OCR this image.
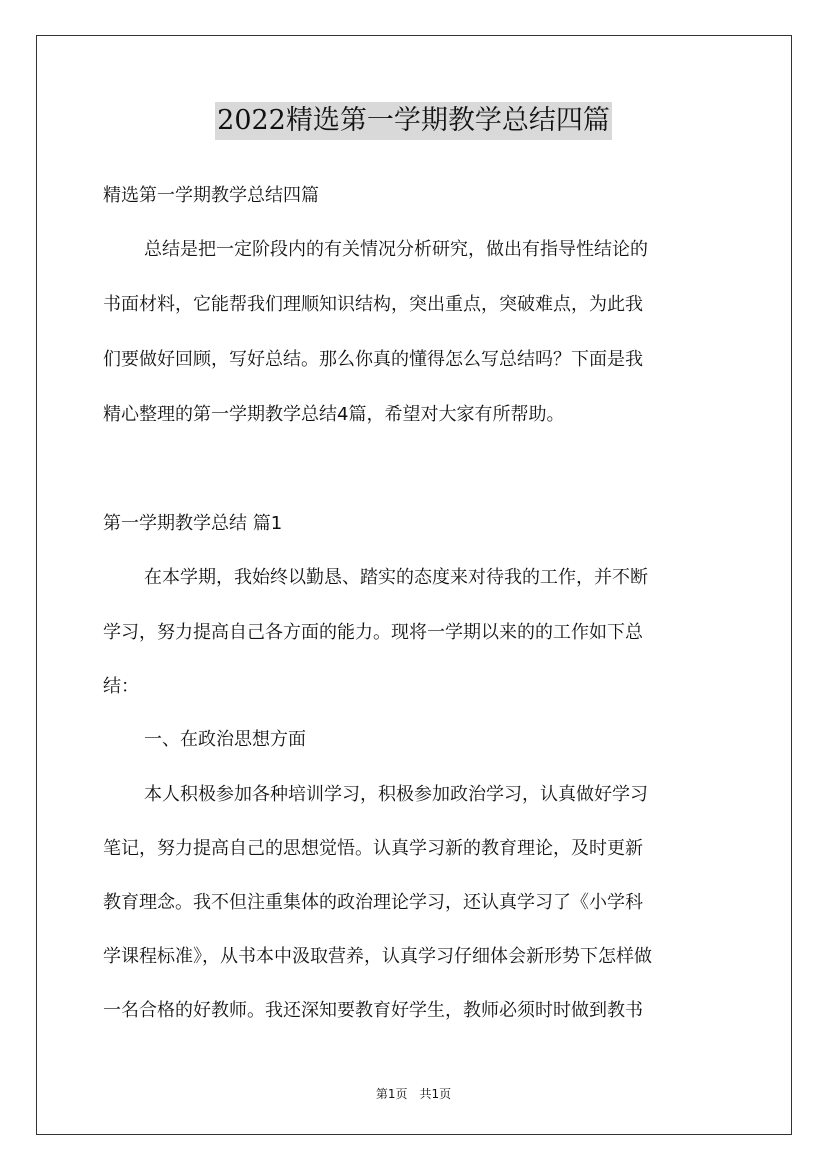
2022精选第一学期教学总结四篇
精选第一学期教学总结四篇
总结是把一定阶段内的有关情况分析研究，做出有指导性结论的
书面材料，它能帮我们理顺知识结构，突出重点，突破难点，为此我
们要做好回顾，写好总结。那么你真的懂得怎么写总结吗？下面是我
精心整理的第一学期教学总结4篇，希望对大家有所帮助。
第一学期教学总结 篇1
在本学期，我始终以勤恳、踏实的态度来对待我的工作，并不断
学习，努力提高自己各方面的能力。现将一学期以来的的工作如下总
结：
一、在政治思想方面
本人积极参加各种培训学习，积极参加政治学习，认真做好学习
笔记，努力提高自己的思想觉悟。认真学习新的教育理论，及时更新
教育理念。我不但注重集体的政治理论学习，还认真学习了《小学科
学课程标准》，从书本中汲取营养，认真学习仔细体会新形势下怎样做
一名合格的好教师。我还深知要教育好学生，教师必须时时做到教书
第1页　共1页
